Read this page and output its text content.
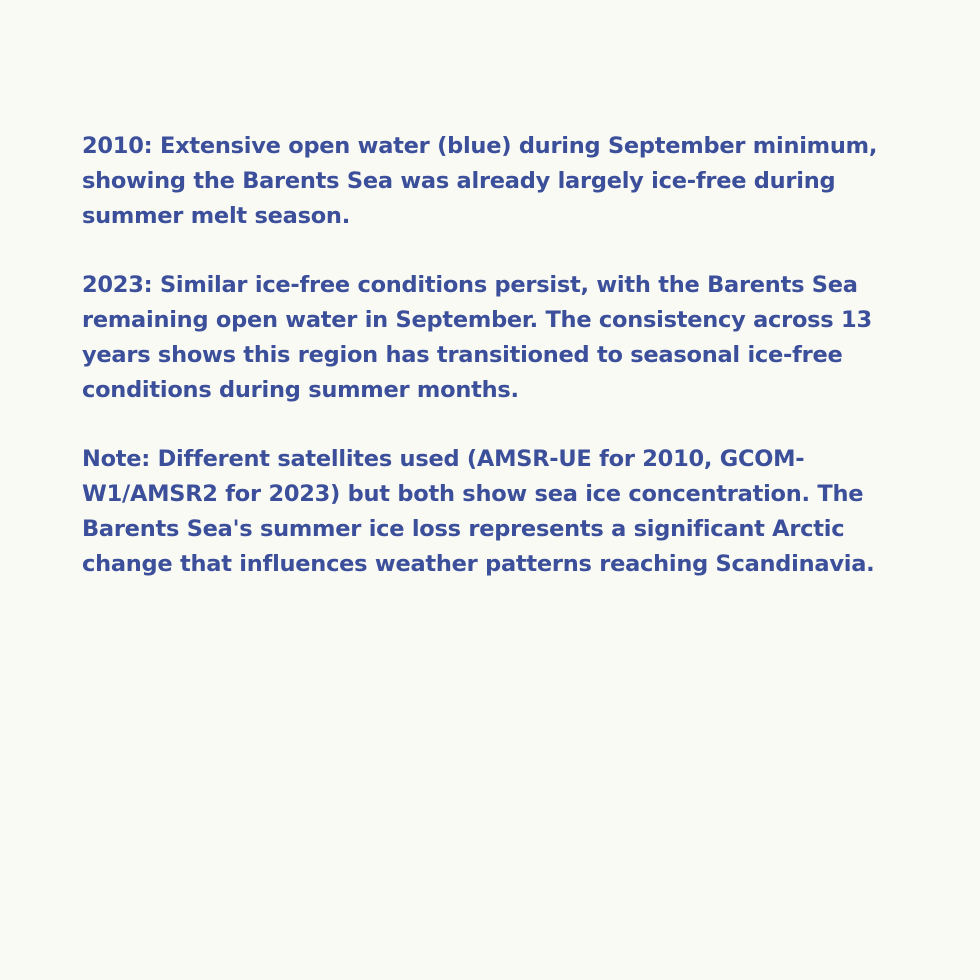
2010: Extensive open water (blue) during September minimum, showing the Barents Sea was already largely ice-free during summer melt season.

2023: Similar ice-free conditions persist, with the Barents Sea remaining open water in September. The consistency across 13 years shows this region has transitioned to seasonal ice-free conditions during summer months.

Note: Different satellites used (AMSR-UE for 2010, GCOM-W1/AMSR2 for 2023) but both show sea ice concentration. The Barents Sea's summer ice loss represents a significant Arctic change that influences weather patterns reaching Scandinavia.
